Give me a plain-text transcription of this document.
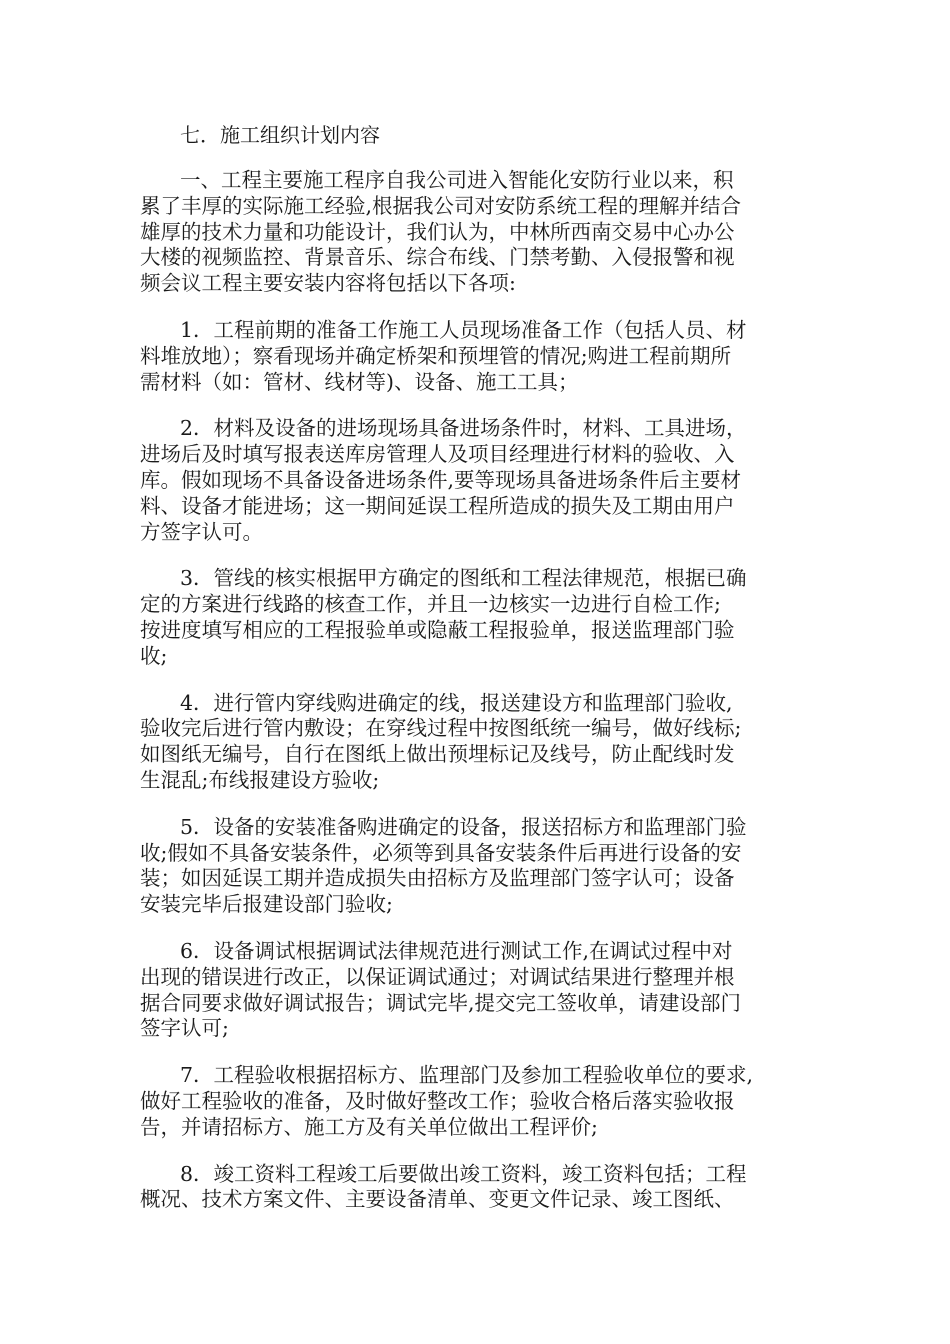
七．施工组织计划内容
一、工程主要施工程序自我公司进入智能化安防行业以来，积
累了丰厚的实际施工经验,根据我公司对安防系统工程的理解并结合
雄厚的技术力量和功能设计，我们认为，中林所西南交易中心办公
大楼的视频监控、背景音乐、综合布线、门禁考勤、入侵报警和视
频会议工程主要安装内容将包括以下各项:
1．工程前期的准备工作施工人员现场准备工作（包括人员、材
料堆放地）；察看现场并确定桥架和预埋管的情况;购进工程前期所
需材料（如：管材、线材等)、设备、施工工具；
2．材料及设备的进场现场具备进场条件时，材料、工具进场，
进场后及时填写报表送库房管理人及项目经理进行材料的验收、入
库。假如现场不具备设备进场条件,要等现场具备进场条件后主要材
料、设备才能进场；这一期间延误工程所造成的损失及工期由用户
方签字认可。
3．管线的核实根据甲方确定的图纸和工程法律规范，根据已确
定的方案进行线路的核查工作，并且一边核实一边进行自检工作;
按进度填写相应的工程报验单或隐蔽工程报验单，报送监理部门验
收;
4．进行管内穿线购进确定的线，报送建设方和监理部门验收,
验收完后进行管内敷设；在穿线过程中按图纸统一编号，做好线标;
如图纸无编号，自行在图纸上做出预埋标记及线号，防止配线时发
生混乱;布线报建设方验收;
5．设备的安装准备购进确定的设备，报送招标方和监理部门验
收;假如不具备安装条件，必须等到具备安装条件后再进行设备的安
装；如因延误工期并造成损失由招标方及监理部门签字认可；设备
安装完毕后报建设部门验收;
6．设备调试根据调试法律规范进行测试工作,在调试过程中对
出现的错误进行改正，以保证调试通过；对调试结果进行整理并根
据合同要求做好调试报告；调试完毕,提交完工签收单，请建设部门
签字认可;
7．工程验收根据招标方、监理部门及参加工程验收单位的要求,
做好工程验收的准备，及时做好整改工作；验收合格后落实验收报
告，并请招标方、施工方及有关单位做出工程评价;
8．竣工资料工程竣工后要做出竣工资料，竣工资料包括；工程
概况、技术方案文件、主要设备清单、变更文件记录、竣工图纸、
